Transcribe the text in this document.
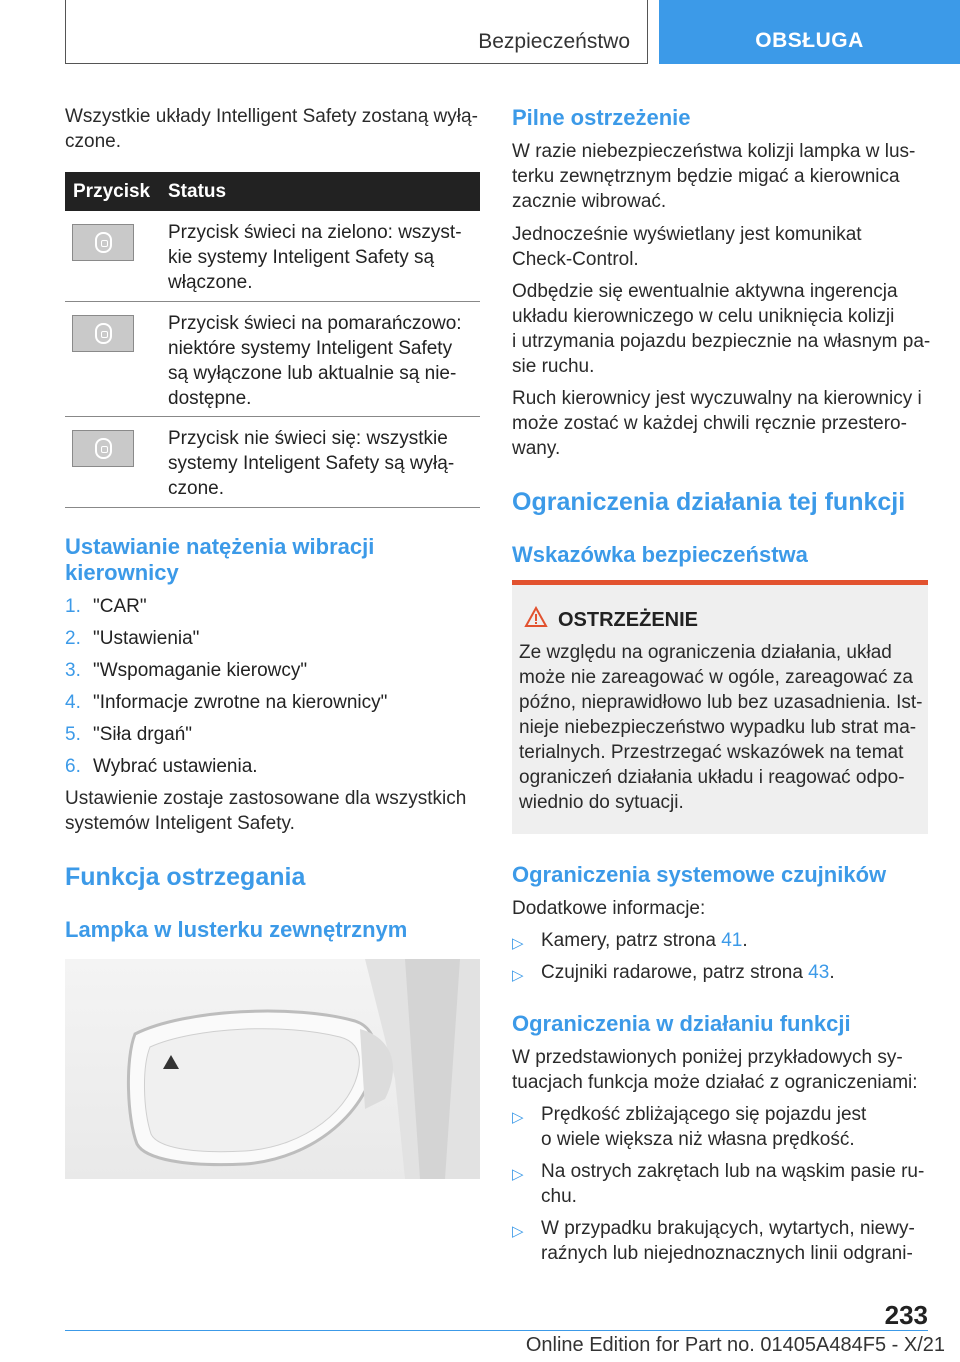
Bezpieczeństwo	OBSŁUGA
Wszystkie układy Intelligent Safety zostaną wyłą-
czone.
Przycisk Status
Przycisk świeci na zielono: wszyst-
kie systemy Inteligent Safety są
włączone.
Przycisk świeci na pomarańczowo:
niektóre systemy Inteligent Safety
są wyłączone lub aktualnie są nie-
dostępne.
Przycisk nie świeci się: wszystkie
systemy Inteligent Safety są wyłą-
czone.
Ustawianie natężenia wibracji
kierownicy
1. "CAR"
2. "Ustawienia"
3. "Wspomaganie kierowcy"
4. "Informacje zwrotne na kierownicy"
5. "Siła drgań"
6. Wybrać ustawienia.
Ustawienie zostaje zastosowane dla wszystkich
systemów Inteligent Safety.
Funkcja ostrzegania
Lampka w lusterku zewnętrznym
Pilne ostrzeżenie
W razie niebezpieczeństwa kolizji lampka w lus-
terku zewnętrznym będzie migać a kierownica
zacznie wibrować.
Jednocześnie wyświetlany jest komunikat
Check-Control.
Odbędzie się ewentualnie aktywna ingerencja
układu kierowniczego w celu uniknięcia kolizji
i utrzymania pojazdu bezpiecznie na własnym pa-
sie ruchu.
Ruch kierownicy jest wyczuwalny na kierownicy i
może zostać w każdej chwili ręcznie przestero-
wany.
Ograniczenia działania tej funkcji
Wskazówka bezpieczeństwa
OSTRZEŻENIE
Ze względu na ograniczenia działania, układ
może nie zareagować w ogóle, zareagować za
późno, nieprawidłowo lub bez uzasadnienia. Ist-
nieje niebezpieczeństwo wypadku lub strat ma-
terialnych. Przestrzegać wskazówek na temat
ograniczeń działania układu i reagować odpo-
wiednio do sytuacji.
Ograniczenia systemowe czujników
Dodatkowe informacje:
▷ Kamery, patrz strona 41.
▷ Czujniki radarowe, patrz strona 43.
Ograniczenia w działaniu funkcji
W przedstawionych poniżej przykładowych sy-
tuacjach funkcja może działać z ograniczeniami:
▷ Prędkość zbliżającego się pojazdu jest
o wiele większa niż własna prędkość.
▷ Na ostrych zakrętach lub na wąskim pasie ru-
chu.
▷ W przypadku brakujących, wytartych, niewy-
raźnych lub niejednoznacznych linii odgrani-
233
Online Edition for Part no. 01405A484F5 - X/21
